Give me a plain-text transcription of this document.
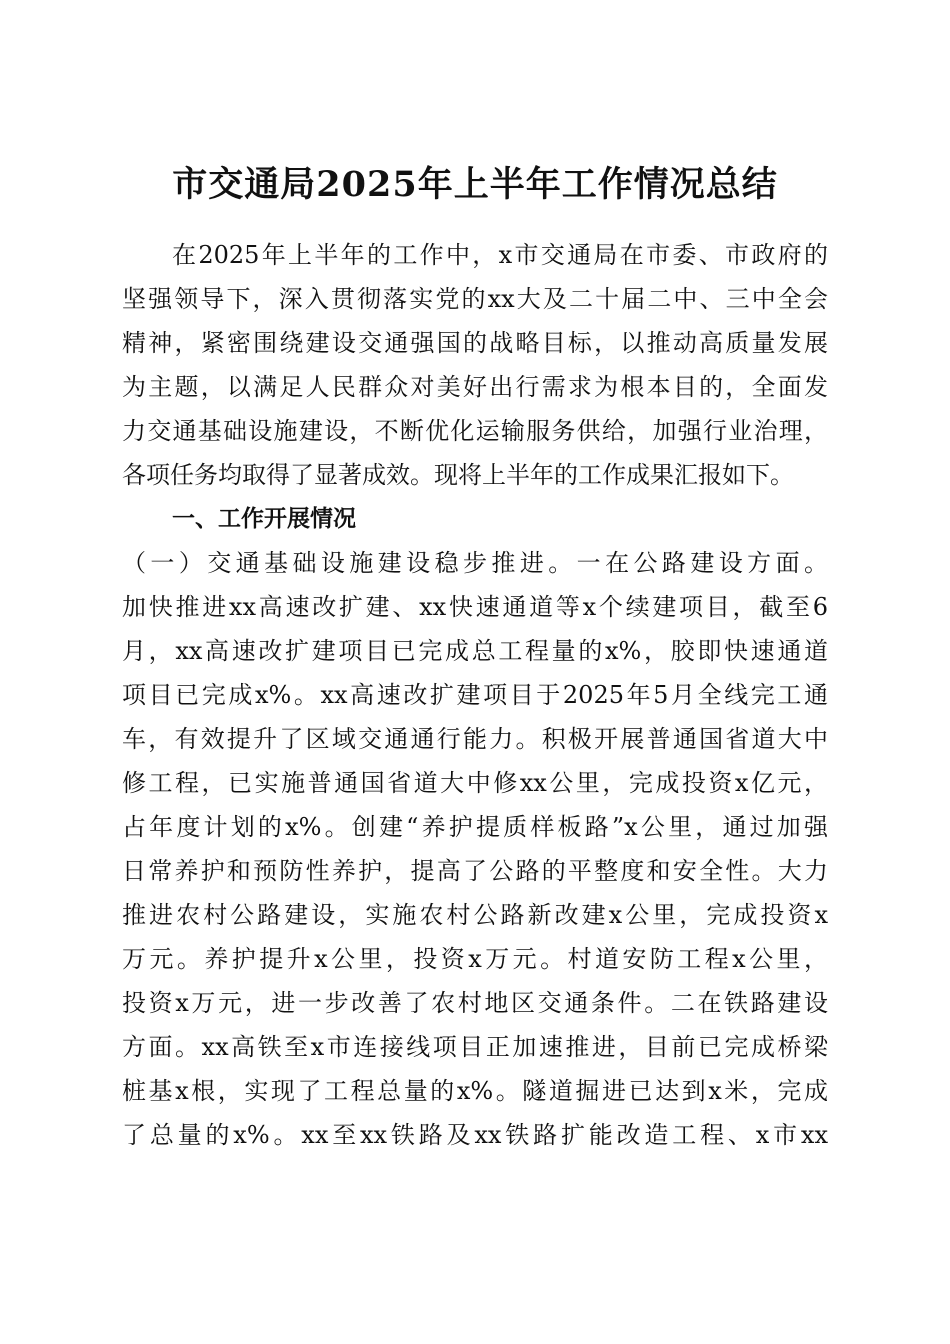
市交通局2025年上半年工作情况总结
在2025年上半年的工作中，x市交通局在市委、市政府的
坚强领导下，深入贯彻落实党的xx大及二十届二中、三中全会
精神，紧密围绕建设交通强国的战略目标，以推动高质量发展
为主题，以满足人民群众对美好出行需求为根本目的，全面发
力交通基础设施建设，不断优化运输服务供给，加强行业治理，
各项任务均取得了显著成效。现将上半年的工作成果汇报如下。
一、工作开展情况
（一）交通基础设施建设稳步推进。一在公路建设方面。
加快推进xx高速改扩建、xx快速通道等x个续建项目，截至6
月，xx高速改扩建项目已完成总工程量的x%，胶即快速通道
项目已完成x%。xx高速改扩建项目于2025年5月全线完工通
车，有效提升了区域交通通行能力。积极开展普通国省道大中
修工程，已实施普通国省道大中修xx公里，完成投资x亿元，
占年度计划的x%。创建“养护提质样板路”x公里，通过加强
日常养护和预防性养护，提高了公路的平整度和安全性。大力
推进农村公路建设，实施农村公路新改建x公里，完成投资x
万元。养护提升x公里，投资x万元。村道安防工程x公里，
投资x万元，进一步改善了农村地区交通条件。二在铁路建设
方面。xx高铁至x市连接线项目正加速推进，目前已完成桥梁
桩基x根，实现了工程总量的x%。隧道掘进已达到x米，完成
了总量的x%。xx至xx铁路及xx铁路扩能改造工程、x市xx
